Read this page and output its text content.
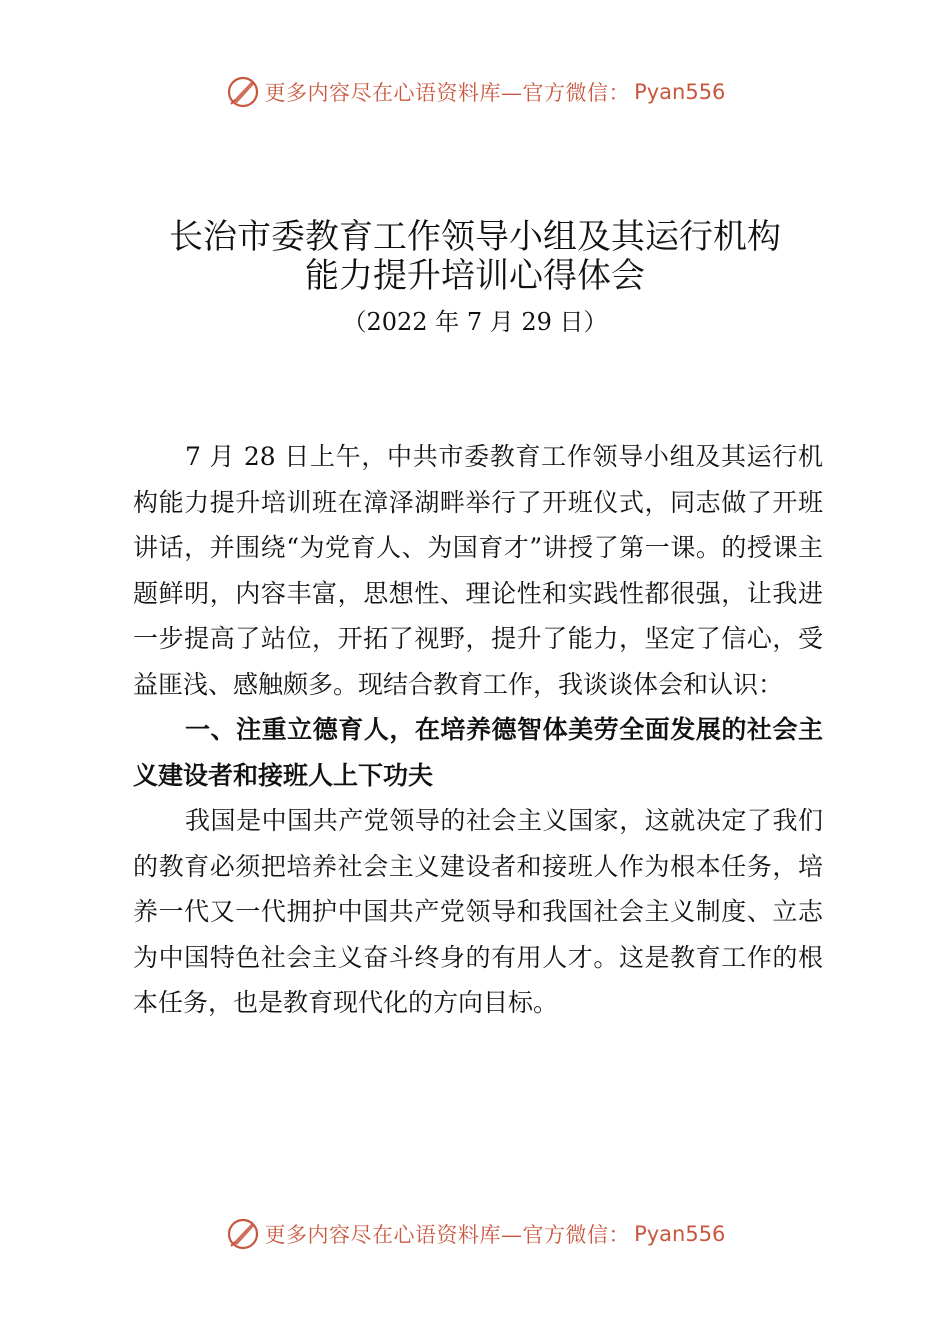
更多内容尽在心语资料库—官方微信： Pyan556
长治市委教育工作领导小组及其运行机构
能力提升培训心得体会
（2022 年 7 月 29 日）

7 月 28 日上午，中共市委教育工作领导小组及其运行机构能力提升培训班在漳泽湖畔举行了开班仪式，同志做了开班讲话，并围绕“为党育人、为国育才”讲授了第一课。的授课主题鲜明，内容丰富，思想性、理论性和实践性都很强，让我进一步提高了站位，开拓了视野，提升了能力，坚定了信心，受益匪浅、感触颇多。现结合教育工作，我谈谈体会和认识：

一、注重立德育人，在培养德智体美劳全面发展的社会主义建设者和接班人上下功夫

我国是中国共产党领导的社会主义国家，这就决定了我们的教育必须把培养社会主义建设者和接班人作为根本任务，培养一代又一代拥护中国共产党领导和我国社会主义制度、立志为中国特色社会主义奋斗终身的有用人才。这是教育工作的根本任务，也是教育现代化的方向目标。

更多内容尽在心语资料库—官方微信： Pyan556
